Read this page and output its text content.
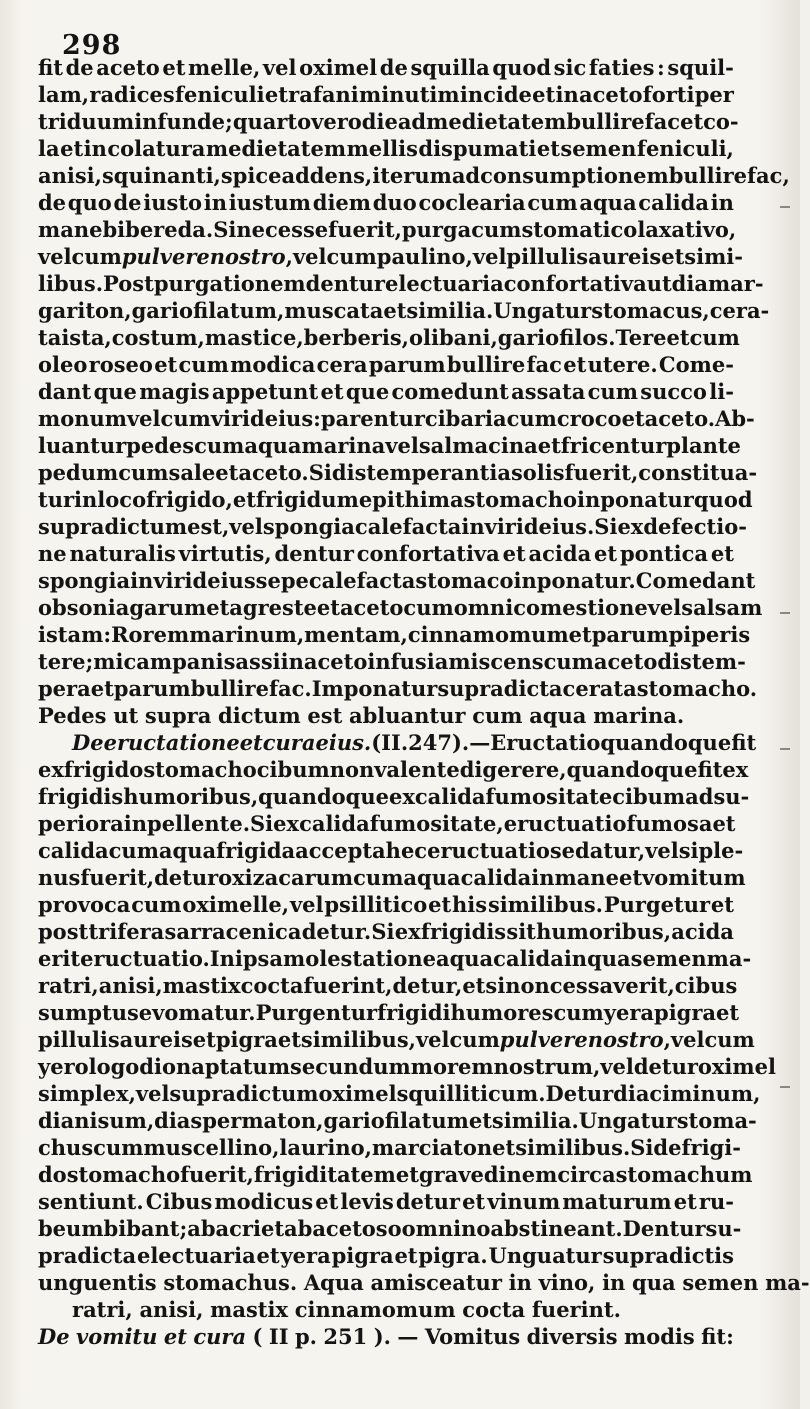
298
fit de aceto et melle, vel oximel de squilla quod sic faties : squil-
lam, radices feniculi et rafani minutim incide et in aceto forti per
triduum infunde; quarto vero die ad medietatem bullire fac et co-
la et in colatura medietatem mellis dispumati et semen feniculi,
anisi, squinanti,spice addens,iterum ad consumptionem bullire fac,
de quo de iusto in iustum diem duo coclearia cum aqua calida in
mane bibere da. Si necesse fuerit, purga cum stomatico laxativo,
vel cum pulvere nostro, vel cum paulino, vel pillulis aureis et simi-
libus. Post purgationem dentur electuaria confortativa ut diamar-
gariton, gariofilatum, muscata et similia. Ungatur stomacus, cera-
ta ista, costum, mastice, berberis, olibani, gariofilos. Tere et cum
oleo roseo et cum modica cera parum bullire fac et utere. Come-
dant que magis appetunt et que comedunt assata cum succo li-
monum vel cum viride ius:parentur cibaria cum croco et aceto. Ab-
luantur pedes cum aqua marina vel salmacina et fricentur plante
pedum cum sale et aceto. Si distemperantia solis fuerit, constitua-
tur in loco frigido, et frigidum epithima stomacho inponatur quod
supra dictum est, vel spongia calefacta in viride ius. Si ex defectio-
ne naturalis virtutis, dentur confortativa et acida et pontica et
spongia in viride ius sepe calefacta stomaco inponatur. Comedant
obsonia garum et agreste et aceto cum omni comestione vel salsam
istam: Rorem marinum, mentam, cinnamomum et parum piperis
tere; micam panis assi in aceto infusi amiscens cum aceto distem-
pera et parum bullire fac. Imponatur supradicta cerata stomacho.
Pedes ut supra dictum est abluantur cum aqua marina.
De eructatione et cura eius. (II.247). — Eructatio quandoque fit
ex frigido stomacho cibum non valente digerere, quandoque fit ex
frigidis humoribus, quandoque ex calida fumositate cibum ad su-
periora inpellente. Si ex calida fumositate, eructuatio fumosa et
calida cum aqua frigida accepta hec eructuatio sedatur, vel si ple-
nus fuerit, detur oxizacarum cum aqua calida in mane et vomitum
provoca cum oximelle, vel psillitico et his similibus. Purgetur et
post trifera sarracenica detur. Si ex frigidis sit humoribus, acida
erit eructuatio. In ipsa molestatione aqua calida in qua semen ma-
ratri, anisi, mastix cocta fuerint, detur, et si non cessaverit, cibus
sumptus evomatur. Purgentur frigidi humores cum yera pigra et
pillulis aureis et pigra et similibus,vel cum pulvere nostro,vel cum
yerologodion aptatum secundum morem nostrum, vel detur oximel
simplex, vel supradictum oximel squilliticum. Detur diaciminum,
dianisum, diaspermaton, gariofilatum et similia. Ungatur stoma-
chus cum muscellino, laurino, marciaton et similibus. Si de frigi-
do stomacho fuerit, frigiditatem et gravedinem circa stomachum
sentiunt. Cibus modicus et levis detur et vinum maturum et ru-
beum bibant; ab acri et ab acetoso omnino abstineant. Dentur su-
pradicta electuaria et yera pigra et pigra. Unguatur supradictis
unguentis stomachus. Aqua amisceatur in vino, in qua semen ma-
ratri, anisi, mastix cinnamomum cocta fuerint.
De vomitu et cura ( II p. 251 ). — Vomitus diversis modis fit:
